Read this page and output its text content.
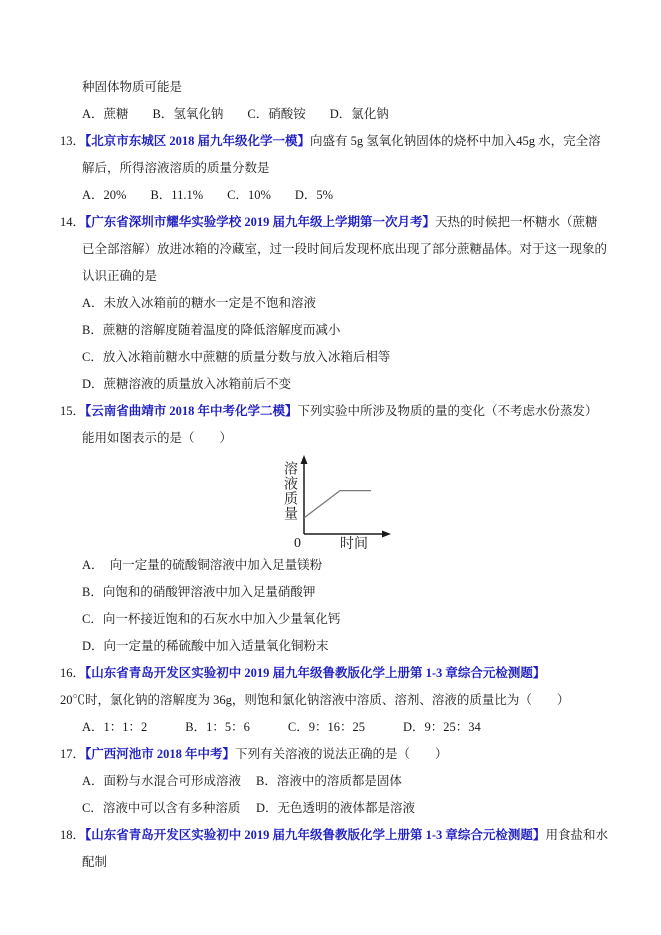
种固体物质可能是

A．蔗糖 B．氢氧化钠 C．硝酸铵 D．氯化钠

13．【北京市东城区 2018 届九年级化学一模】向盛有 5g 氢氧化钠固体的烧杯中加入45g 水，完全溶解后，所得溶液溶质的质量分数是

A．20% B．11.1% C．10% D．5%

14．【广东省深圳市耀华实验学校 2019 届九年级上学期第一次月考】天热的时候把一杯糖水（蔗糖已全部溶解）放进冰箱的冷藏室，过一段时间后发现杯底出现了部分蔗糖晶体。对于这一现象的认识正确的是

A．未放入冰箱前的糖水一定是不饱和溶液

B．蔗糖的溶解度随着温度的降低溶解度而减小

C．放入冰箱前糖水中蔗糖的质量分数与放入冰箱后相等

D．蔗糖溶液的质量放入冰箱前后不变

15．【云南省曲靖市 2018 年中考化学二模】下列实验中所涉及物质的量的变化（不考虑水份蒸发）能用如图表示的是（　　）

溶液质量
0	时间

A．　向一定量的硫酸铜溶液中加入足量镁粉

B．向饱和的硝酸钾溶液中加入足量硝酸钾

C．向一杯接近饱和的石灰水中加入少量氧化钙

D．向一定量的稀硫酸中加入适量氧化铜粉末

16．【山东省青岛开发区实验初中 2019 届九年级鲁教版化学上册第 1-3 章综合元检测题】

20℃时，氯化钠的溶解度为 36g，则饱和氯化钠溶液中溶质、溶剂、溶液的质量比为（　　）

A．1：1：2	B．1：5：6	C．9：16：25	D．9：25：34

17．【广西河池市 2018 年中考】下列有关溶液的说法正确的是（　　）

A．面粉与水混合可形成溶液 B．溶液中的溶质都是固体

C．溶液中可以含有多种溶质 D．无色透明的液体都是溶液

18．【山东省青岛开发区实验初中 2019 届九年级鲁教版化学上册第 1-3 章综合元检测题】用食盐和水配制
